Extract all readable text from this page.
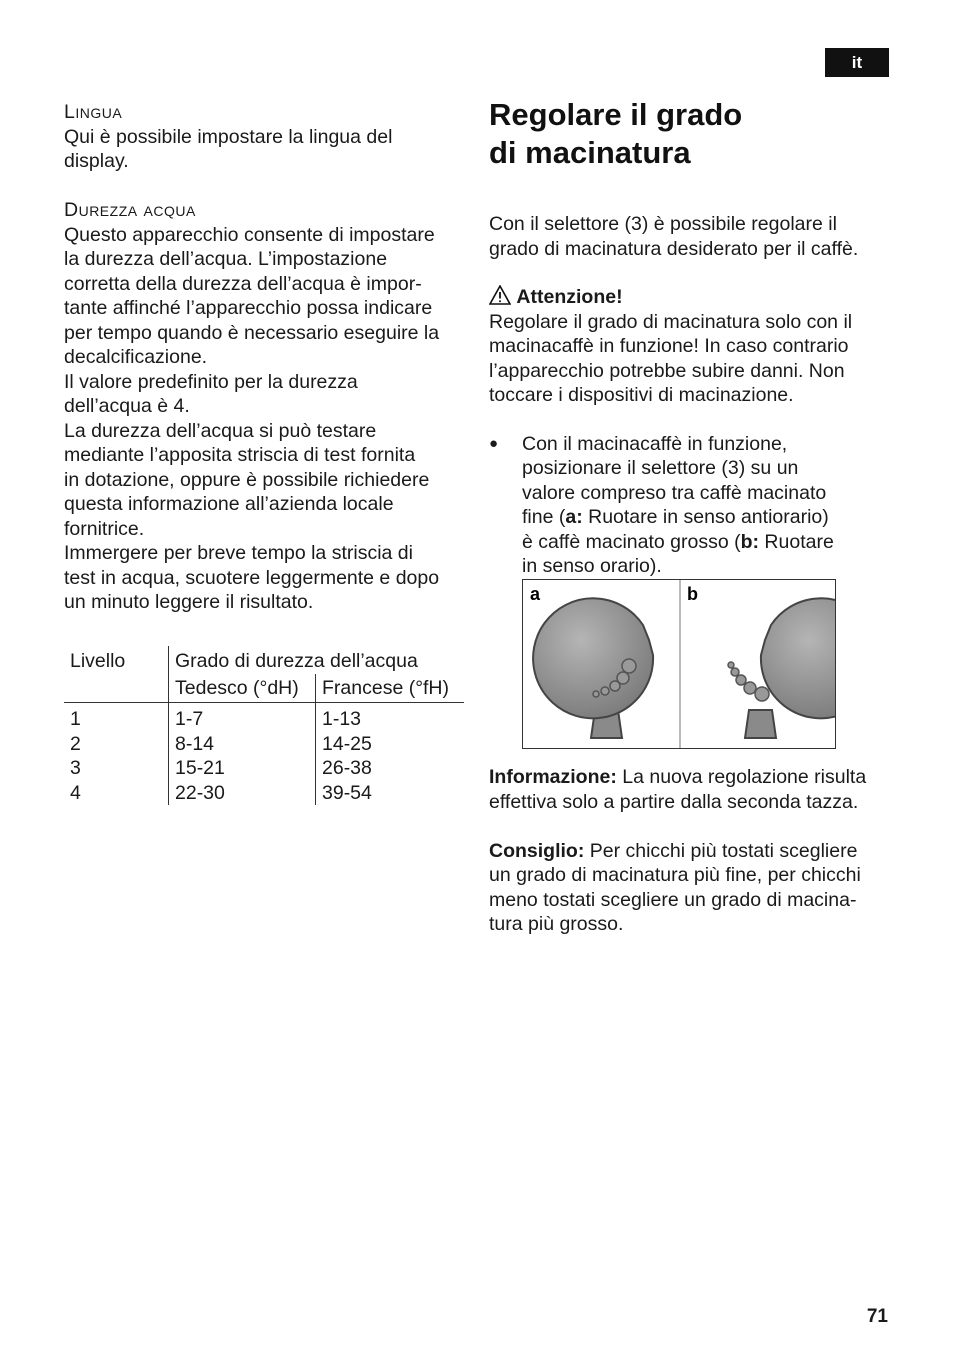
it

Lingua

Qui è possibile impostare la lingua del

display.

Durezza acqua

Questo apparecchio consente di impostare

la durezza dell’acqua. L’impostazione

corretta della durezza dell’acqua è impor-

tante affinché l’apparecchio possa indicare

per tempo quando è necessario eseguire la

decalcificazione.

Il valore predefinito per la durezza

dell’acqua è 4.

La durezza dell’acqua si può testare

mediante l’apposita striscia di test fornita

in dotazione, oppure è possibile richiedere

questa informazione all’azienda locale

fornitrice.

Immergere per breve tempo la striscia di

test in acqua, scuotere leggermente e dopo

un minuto leggere il risultato.

Livello	Grado di durezza dell’acqua	
	Tedesco (°dH)	Francese (°fH)
1	1-7	1-13
2	8-14	14-25
3	15-21	26-38
4	22-30	39-54
Regolare il grado
di macinatura

Con il selettore (3) è possibile regolare il

grado di macinatura desiderato per il caffè.

Attenzione!

Regolare il grado di macinatura solo con il

macinacaffè in funzione! In caso contrario

l’apparecchio potrebbe subire danni. Non

toccare i dispositivi di macinazione.

●	Con il macinacaffè in funzione,

posizionare il selettore (3) su un

valore compreso tra caffè macinato

fine (a: Ruotare in senso antiorario)

è caffè macinato grosso (b: Ruotare

in senso orario).

a	b

Informazione: La nuova regolazione risulta

effettiva solo a partire dalla seconda tazza.

Consiglio: Per chicchi più tostati scegliere

un grado di macinatura più fine, per chicchi

meno tostati scegliere un grado di macina-

tura più grosso.

71
